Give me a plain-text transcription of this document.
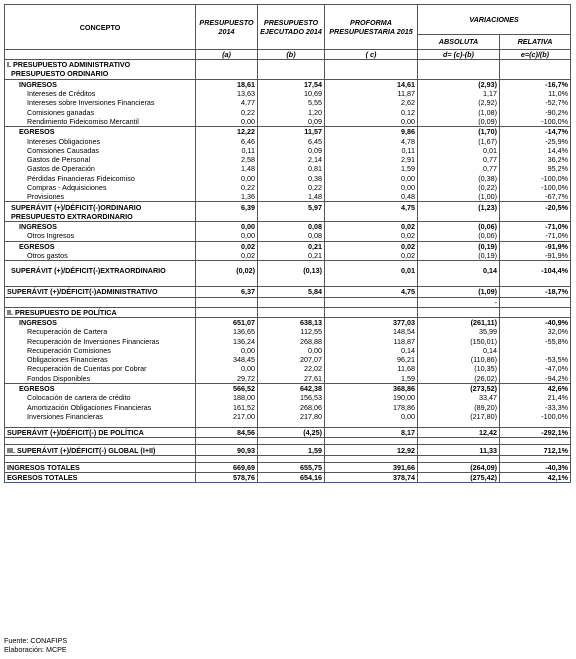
CONCEPTO	PRESUPUESTO 2014	PRESUPUESTO EJECUTADO 2014	PROFORMA PRESUPUESTARIA 2015	VARIACIONES	
				ABSOLUTA	RELATIVA
	(a)	(b)	( c)	d= (c)-(b)	e=(c)/(b)
I. PRESUPUESTO ADMINISTRATIVO					
PRESUPUESTO ORDINARIO					
INGRESOS	18,61	17,54	14,61	(2,93)	-16,7%
Intereses de Créditos	13,63	10,69	11,87	1,17	11,0%
Intereses sobre Inversiones Financieras	4,77	5,55	2,62	(2,92)	-52,7%
Comisiones ganadas	0,22	1,20	0,12	(1,08)	-90,2%
Rendimiento Fideicomiso Mercantil	0,00	0,09	0,00	(0,09)	-100,0%
EGRESOS	12,22	11,57	9,86	(1,70)	-14,7%
Intereses Obligaciones	6,46	6,45	4,78	(1,67)	-25,9%
Comisiones Causadas	0,11	0,09	0,11	0,01	14,4%
Gastos de Personal	2,58	2,14	2,91	0,77	36,2%
Gastos de Operación	1,48	0,81	1,59	0,77	95,2%
Pérdidas Financieras Fideicomiso	0,00	0,38	0,00	(0,38)	-100,0%
Compras - Adquisiciones	0,22	0,22	0,00	(0,22)	-100,0%
Provisiones	1,36	1,48	0,48	(1,00)	-67,7%
SUPERÁVIT (+)/DÉFICIT(-)ORDINARIO	6,39	5,97	4,75	(1,23)	-20,5%
PRESUPUESTO EXTRAORDINARIO					
INGRESOS	0,00	0,08	0,02	(0,06)	-71,0%
Otros Ingresos	0,00	0,08	0,02	(0,06)	-71,0%
EGRESOS	0,02	0,21	0,02	(0,19)	-91,9%
Otros gastos	0,02	0,21	0,02	(0,19)	-91,9%
SUPERÁVIT (+)/DÉFICIT(-)EXTRAORDINARIO	(0,02)	(0,13)	0,01	0,14	-104,4%

SUPERÁVIT (+)/DÉFICIT(-)ADMINISTRATIVO	6,37	5,84	4,75	(1,09)	-18,7%
				-	
II. PRESUPUESTO DE POLÍTICA					
INGRESOS	651,07	638,13	377,03	(261,11)	-40,9%
Recuperación de Cartera	136,65	112,55	148,54	35,99	32,0%
Recuperación de Inversiones Financieras	136,24	268,88	118,87	(150,01)	-55,8%
Recuperación Comisiones	0,00	0,00	0,14	0,14	
Obligaciones Financieras	348,45	207,07	96,21	(110,86)	-53,5%
Recuperación de Cuentas por Cobrar	0,00	22,02	11,68	(10,35)	-47,0%
Fondos Disponibles	29,72	27,61	1,59	(26,02)	-94,2%
EGRESOS	566,52	642,38	368,86	(273,52)	42,6%
Colocación de cartera de crédito	188,00	156,53	190,00	33,47	21,4%
Amortización Obligaciones Financieras	161,52	268,06	178,86	(89,20)	-33,3%
Inversiones Financieras	217,00	217,80	0,00	(217,80)	-100,0%

SUPERÁVIT (+)/DÉFICIT(-) DE POLÍTICA	84,56	(4,25)	8,17	12,42	-292,1%

III. SUPERÁVIT (+)/DÉFICIT(-) GLOBAL (I+II)	90,93	1,59	12,92	11,33	712,1%

INGRESOS TOTALES	669,69	655,75	391,66	(264,09)	-40,3%
EGRESOS TOTALES	578,76	654,16	378,74	(275,42)	42,1%
Fuente: CONAFIPS
Elaboración: MCPE
